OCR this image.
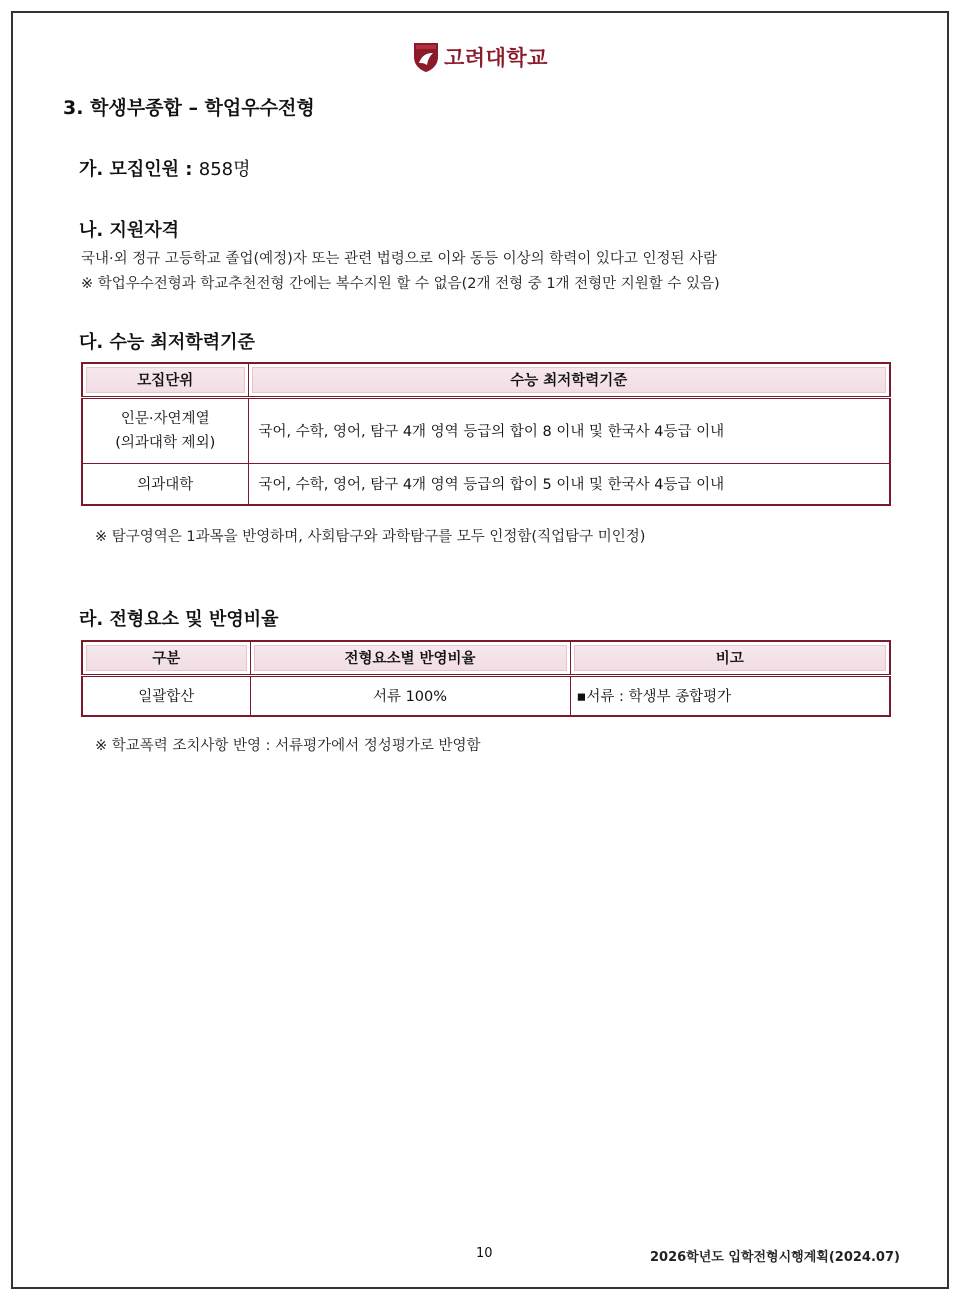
고려대학교
3. 학생부종합 – 학업우수전형
가. 모집인원 : 858명
나. 지원자격
국내·외 정규 고등학교 졸업(예정)자 또는 관련 법령으로 이와 동등 이상의 학력이 있다고 인정된 사람
※ 학업우수전형과 학교추천전형 간에는 복수지원 할 수 없음(2개 전형 중 1개 전형만 지원할 수 있음)
다. 수능 최저학력기준
모집단위	수능 최저학력기준

인문·자연계열
(의과대학 제외)	국어, 수학, 영어, 탐구 4개 영역 등급의 합이 8 이내 및 한국사 4등급 이내
의과대학	국어, 수학, 영어, 탐구 4개 영역 등급의 합이 5 이내 및 한국사 4등급 이내
※ 탐구영역은 1과목을 반영하며, 사회탐구와 과학탐구를 모두 인정함(직업탐구 미인정)
라. 전형요소 및 반영비율
구분	전형요소별 반영비율	비고
일괄합산	서류 100%	▪서류 : 학생부 종합평가
※ 학교폭력 조치사항 반영 : 서류평가에서 정성평가로 반영함
10	2026학년도 입학전형시행계획(2024.07)
